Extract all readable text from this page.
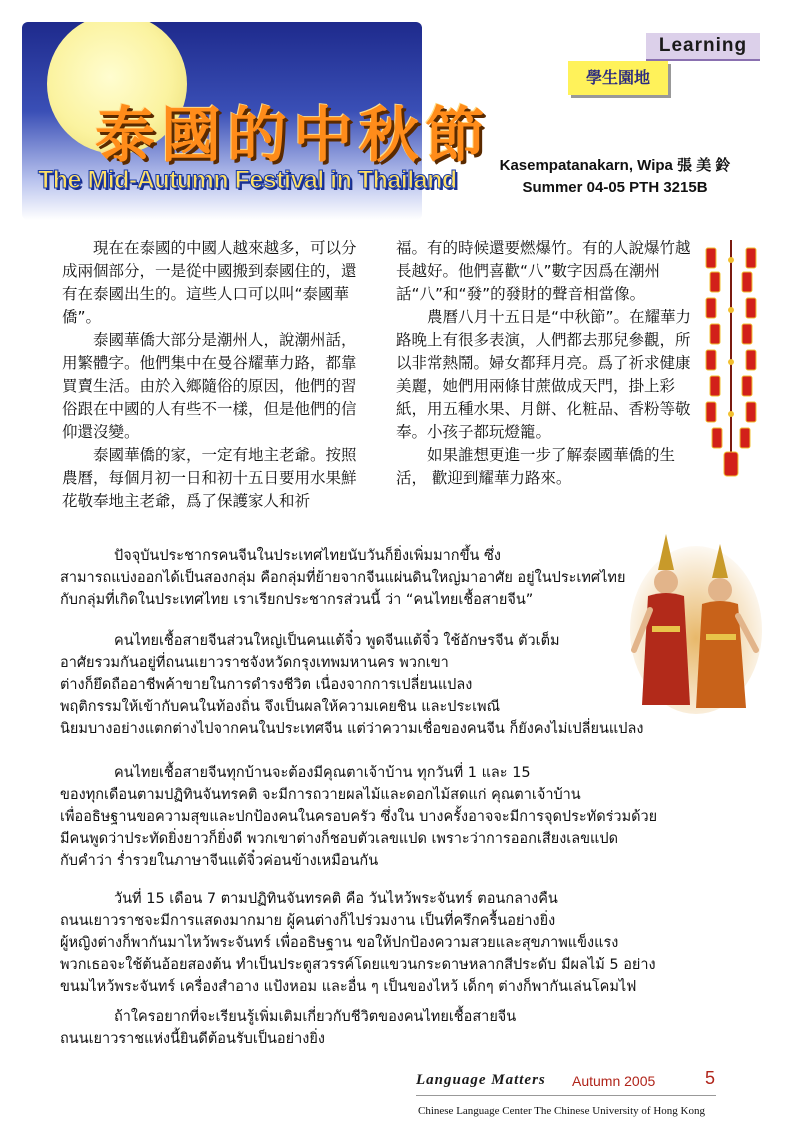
泰國的中秋節
The Mid-Autumn Festival in Thailand
Learning
學生園地
Kasempatanakarn, Wipa 張 美 鈴
Summer 04-05 PTH 3215B

現在在泰國的中國人越來越多，可以分成兩個部分，一是從中國搬到泰國住的，還有在泰國出生的。這些人口可以叫“泰國華僑”。

泰國華僑大部分是潮州人，說潮州話，用繁體字。他們集中在曼谷耀華力路，都靠買賣生活。由於入鄉隨俗的原因，他們的習俗跟在中國的人有些不一樣，但是他們的信仰還沒變。

泰國華僑的家，一定有地主老爺。按照農曆，每個月初一日和初十五日要用水果鮮花敬奉地主老爺，爲了保護家人和祈

福。有的時候還要燃爆竹。有的人說爆竹越長越好。他們喜歡“八”數字因爲在潮州話“八”和“發”的發財的聲音相當像。

農曆八月十五日是“中秋節”。在耀華力路晚上有很多表演，人們都去那兒參觀，所以非常熱鬧。婦女都拜月亮。爲了祈求健康美麗，她們用兩條甘蔗做成天門，掛上彩紙，用五種水果、月餅、化粧品、香粉等敬奉。小孩子都玩燈籠。

如果誰想更進一步了解泰國華僑的生活， 歡迎到耀華力路來。

ปัจจุบันประชากรคนจีนในประเทศไทยนับวันก็ยิ่งเพิ่มมากขึ้น ซึ่ง

สามารถแบ่งออกได้เป็นสองกลุ่ม คือกลุ่มที่ย้ายจากจีนแผ่นดินใหญ่มาอาศัย อยู่ในประเทศไทย

กับกลุ่มที่เกิดในประเทศไทย เราเรียกประชากรส่วนนี้ ว่า “คนไทยเชื้อสายจีน”

คนไทยเชื้อสายจีนส่วนใหญ่เป็นคนแต้จิ๋ว พูดจีนแต้จิ๋ว ใช้อักษรจีน ตัวเต็ม

อาศัยรวมกันอยู่ที่ถนนเยาวราชจังหวัดกรุงเทพมหานคร พวกเขา

ต่างก็ยึดถืออาชีพค้าขายในการดำรงชีวิต เนื่องจากการเปลี่ยนแปลง

พฤติกรรมให้เข้ากับคนในท้องถิ่น จึงเป็นผลให้ความเคยชิน และประเพณี

นิยมบางอย่างแตกต่างไปจากคนในประเทศจีน แต่ว่าความเชื่อของคนจีน ก็ยังคงไม่เปลี่ยนแปลง

คนไทยเชื้อสายจีนทุกบ้านจะต้องมีคุณตาเจ้าบ้าน ทุกวันที่ 1 และ 15

ของทุกเดือนตามปฏิทินจันทรคติ จะมีการถวายผลไม้และดอกไม้สดแก่ คุณตาเจ้าบ้าน

เพื่ออธิษฐานขอความสุขและปกป้องคนในครอบครัว ซึ่งใน บางครั้งอาจจะมีการจุดประทัดร่วมด้วย

มีคนพูดว่าประทัดยิ่งยาวก็ยิ่งดี พวกเขาต่างก็ชอบตัวเลขแปด เพราะว่าการออกเสียงเลขแปด

กับคำว่า ร่ำรวยในภาษาจีนแต้จิ๋วค่อนข้างเหมือนกัน

วันที่ 15 เดือน 7 ตามปฏิทินจันทรคติ คือ วันไหว้พระจันทร์ ตอนกลางคืน

ถนนเยาวราชจะมีการแสดงมากมาย ผู้คนต่างก็ไปร่วมงาน เป็นที่ครึกครื้นอย่างยิ่ง

ผู้หญิงต่างก็พากันมาไหว้พระจันทร์ เพื่ออธิษฐาน ขอให้ปกป้องความสวยและสุขภาพแข็งแรง

พวกเธอจะใช้ต้นอ้อยสองต้น ทำเป็นประตูสวรรค์โดยแขวนกระดาษหลากสีประดับ มีผลไม้ 5 อย่าง

ขนมไหว้พระจันทร์ เครื่องสำอาง แป้งหอม และอื่น ๆ เป็นของไหว้ เด็กๆ ต่างก็พากันเล่นโคมไฟ

ถ้าใครอยากที่จะเรียนรู้เพิ่มเติมเกี่ยวกับชีวิตของคนไทยเชื้อสายจีน

ถนนเยาวราชแห่งนี้ยินดีต้อนรับเป็นอย่างยิ่ง

Language Matters Autumn 2005	5
Chinese Language Center The Chinese University of Hong Kong
